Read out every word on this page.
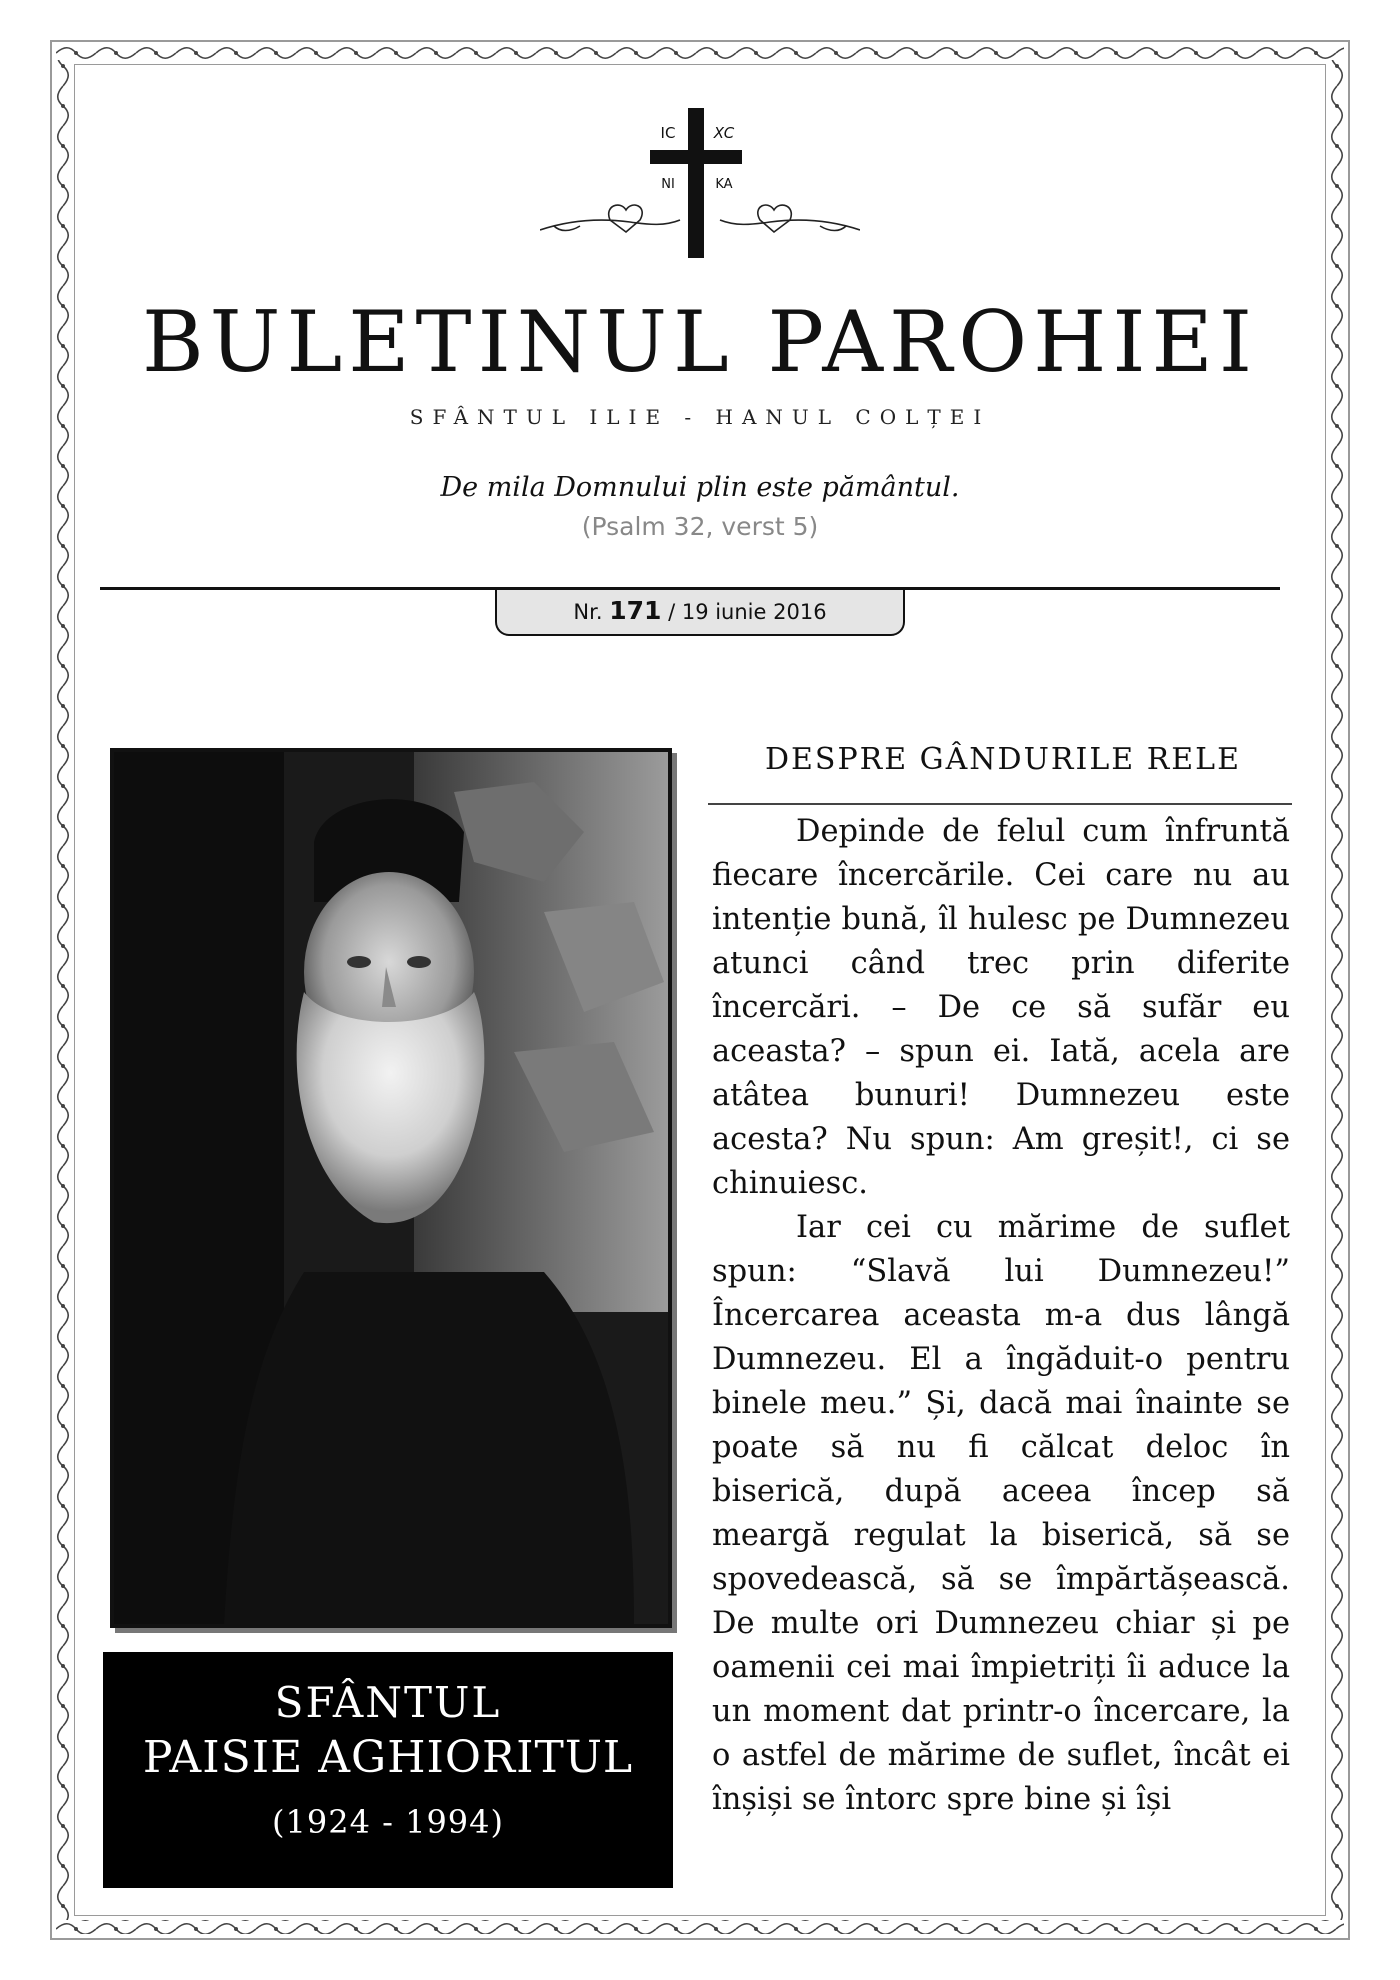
IC	XC
NI	KA
BULETINUL PAROHIEI
SFÂNTUL ILIE - HANUL COLȚEI
De mila Domnului plin este pământul.
(Psalm 32, verst 5)
Nr. 171 / 19 iunie 2016
SFÂNTUL
PAISIE AGHIORITUL
(1924 - 1994)
DESPRE GÂNDURILE RELE

Depinde de felul cum înfruntă fiecare încercările. Cei care nu au intenție bună, îl hulesc pe Dumnezeu atunci când trec prin diferite încercări. – De ce să sufăr eu aceasta? – spun ei. Iată, acela are atâtea bunuri! Dumnezeu este acesta? Nu spun: Am greșit!, ci se chinuiesc.

Iar cei cu mărime de suflet spun: “Slavă lui Dumnezeu!” Încercarea aceasta m-a dus lângă Dumnezeu. El a îngăduit-o pentru binele meu.” Și, dacă mai înainte se poate să nu fi călcat deloc în biserică, după aceea încep să meargă regulat la biserică, să se spovedească, să se împărtășească. De multe ori Dumnezeu chiar și pe oamenii cei mai împietriți îi aduce la un moment dat printr-o încercare, la o astfel de mărime de suflet, încât ei înșiși se întorc spre bine și își
